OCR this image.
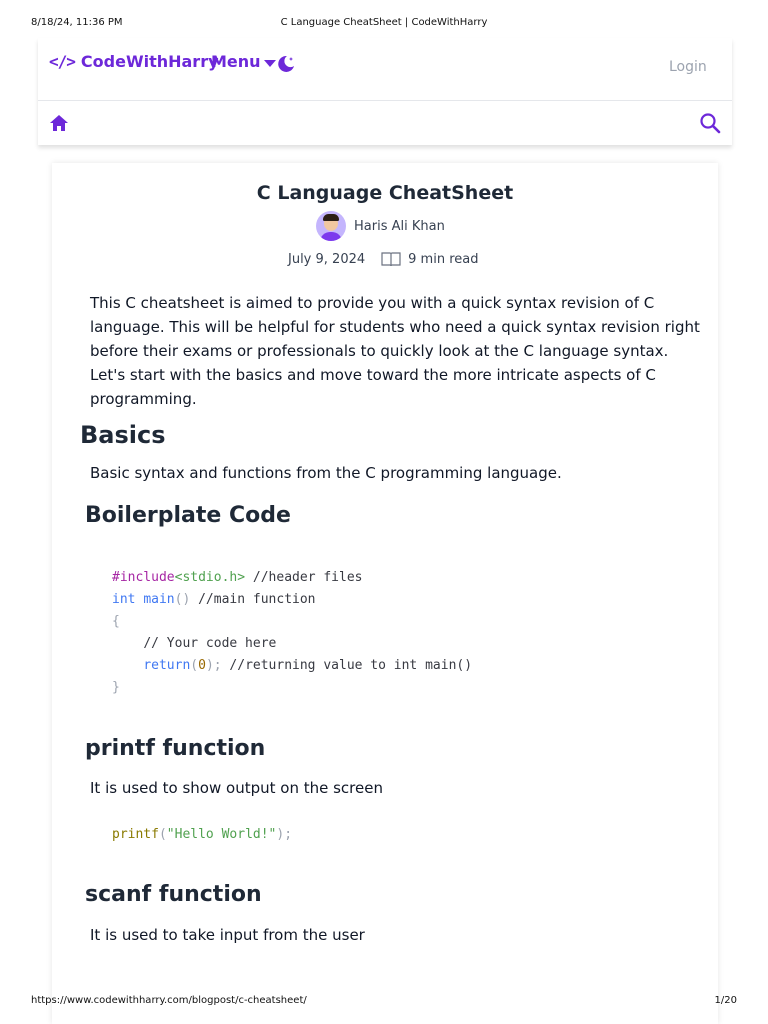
8/18/24, 11:36 PM	C Language CheatSheet | CodeWithHarry
</> CodeWithHarry
Menu	Login
C Language CheatSheet
Haris Ali Khan
July 9, 2024	9 min read
This C cheatsheet is aimed to provide you with a quick syntax revision of C language. This will be helpful for students who need a quick syntax revision right before their exams or professionals to quickly look at the C language syntax. Let's start with the basics and move toward the more intricate aspects of C programming.
Basics
Basic syntax and functions from the C programming language.
Boilerplate Code
#include<stdio.h> //header files
int main() //main function
{
// Your code here
return(0); //returning value to int main()
}
printf function
It is used to show output on the screen
printf("Hello World!");
scanf function
It is used to take input from the user
https://www.codewithharry.com/blogpost/c-cheatsheet/	1/20
